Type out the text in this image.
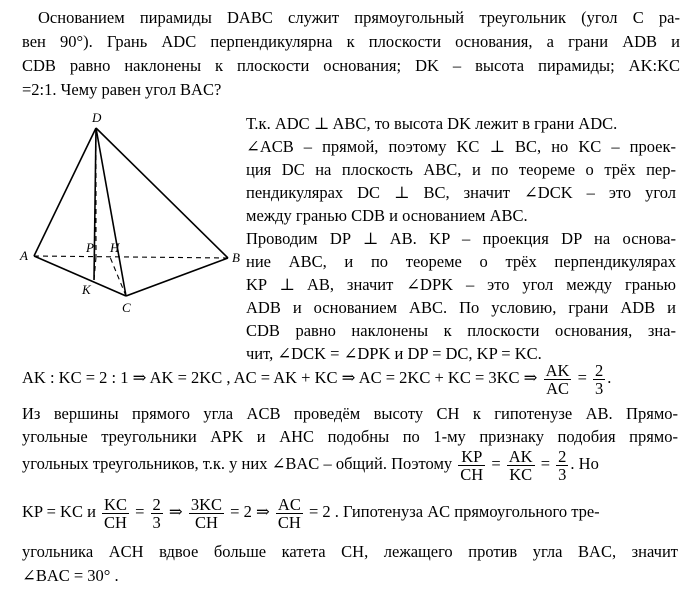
Основанием пирамиды DABC служит прямоугольный треугольник (угол C ра-
вен 90°). Грань ADC перпендикулярна к плоскости основания, а грани ADB и
CDB равно наклонены к плоскости основания; DK – высота пирамиды; AK:KC
=2:1. Чему равен угол BAC?
D
A	B
C
K
P H
Т.к. ADC ⊥ ABC, то высота DK лежит в грани ADC.
∠ACB – прямой, поэтому KC ⊥ BC, но KC – проек-
ция DC на плоскость ABC, и по теореме о трёх пер-
пендикулярах DC ⊥ BC, значит ∠DCK – это угол
между гранью CDB и основанием ABC.
Проводим DP ⊥ AB. KP – проекция DP на основа-
ние ABC, и по теореме о трёх перпендикулярах
KP ⊥ AB, значит ∠DPK – это угол между гранью
ADB и основанием ABC. По условию, грани ADB и
CDB равно наклонены к плоскости основания, зна-
чит, ∠DCK = ∠DPK и DP = DC, KP = KC.
AK : KC = 2 : 1 ⇒ AK = 2KC , AC = AK + KC ⇒ AC = 2KC + KC = 3KC ⇒ $\frac{AK}{AC} = \frac{2}{3}$ .
Из вершины прямого угла ACB проведём высоту CH к гипотенузе AB. Прямо-
угольные треугольники APK и AHC подобны по 1-му признаку подобия прямо-
угольных треугольников, т.к. у них ∠BAC – общий. Поэтому $\frac{KP}{CH} = \frac{AK}{KC} = \frac{2}{3}$ . Но
KP = KC и $\frac{KC}{CH} = \frac{2}{3}$ ⇒ $\frac{3KC}{CH} = 2$ ⇒ $\frac{AC}{CH} = 2$ . Гипотенуза AC прямоугольного тре-
угольника ACH вдвое больше катета CH, лежащего против угла BAC, значит
∠BAC = 30° .
